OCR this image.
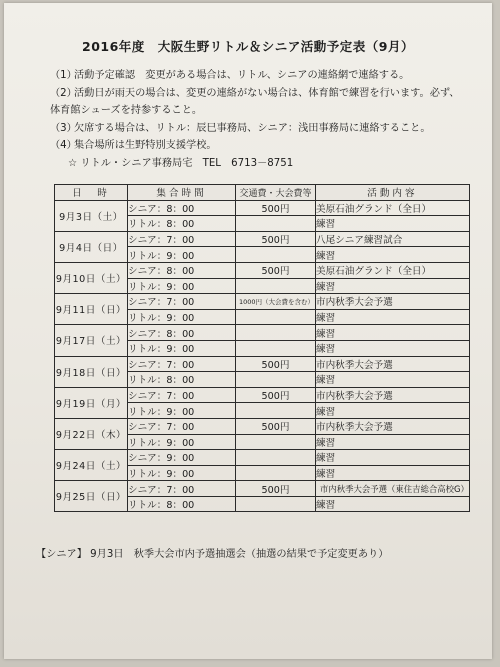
2016年度　大阪生野リトル＆シニア活動予定表（9月）
（1）
活動予定確認　変更がある場合は、リトル、シニアの連絡網で連絡する。
（2）
活動日が雨天の場合は、変更の連絡がない場合は、体育館で練習を行います。必ず、
体育館シューズを持参すること。
（3）
欠席する場合は、リトル：辰巳事務局、シニア：浅田事務局に連絡すること。
（4）
集合場所は生野特別支援学校。
☆ リトル・シニア事務局宅　TEL　6713－8751
日　時	集合時間	交通費・大会費等	活動内容
9月3日（土）	シニア：8：00	500円	美原石油グランド（全日）
	リトル：8：00		練習
9月4日（日）	シニア：7：00	500円	八尾シニア練習試合
	リトル：9：00		練習
9月10日（土）	シニア：8：00	500円	美原石油グランド（全日）
	リトル：9：00		練習
9月11日（日）	シニア：7：00	1000円（大会費を含む）	市内秋季大会予選
	リトル：9：00		練習
9月17日（土）	シニア：8：00		練習
	リトル：9：00		練習
9月18日（日）	シニア：7：00	500円	市内秋季大会予選
	リトル：8：00		練習
9月19日（月）	シニア：7：00	500円	市内秋季大会予選
	リトル：9：00		練習
9月22日（木）	シニア：7：00	500円	市内秋季大会予選
	リトル：9：00		練習
9月24日（土）	シニア：9：00		練習
	リトル：9：00		練習
9月25日（日）	シニア：7：00	500円	市内秋季大会予選（東住吉総合高校G）
	リトル：8：00		練習
【シニア】 9月3日　秋季大会市内予選抽選会（抽選の結果で予定変更あり）
